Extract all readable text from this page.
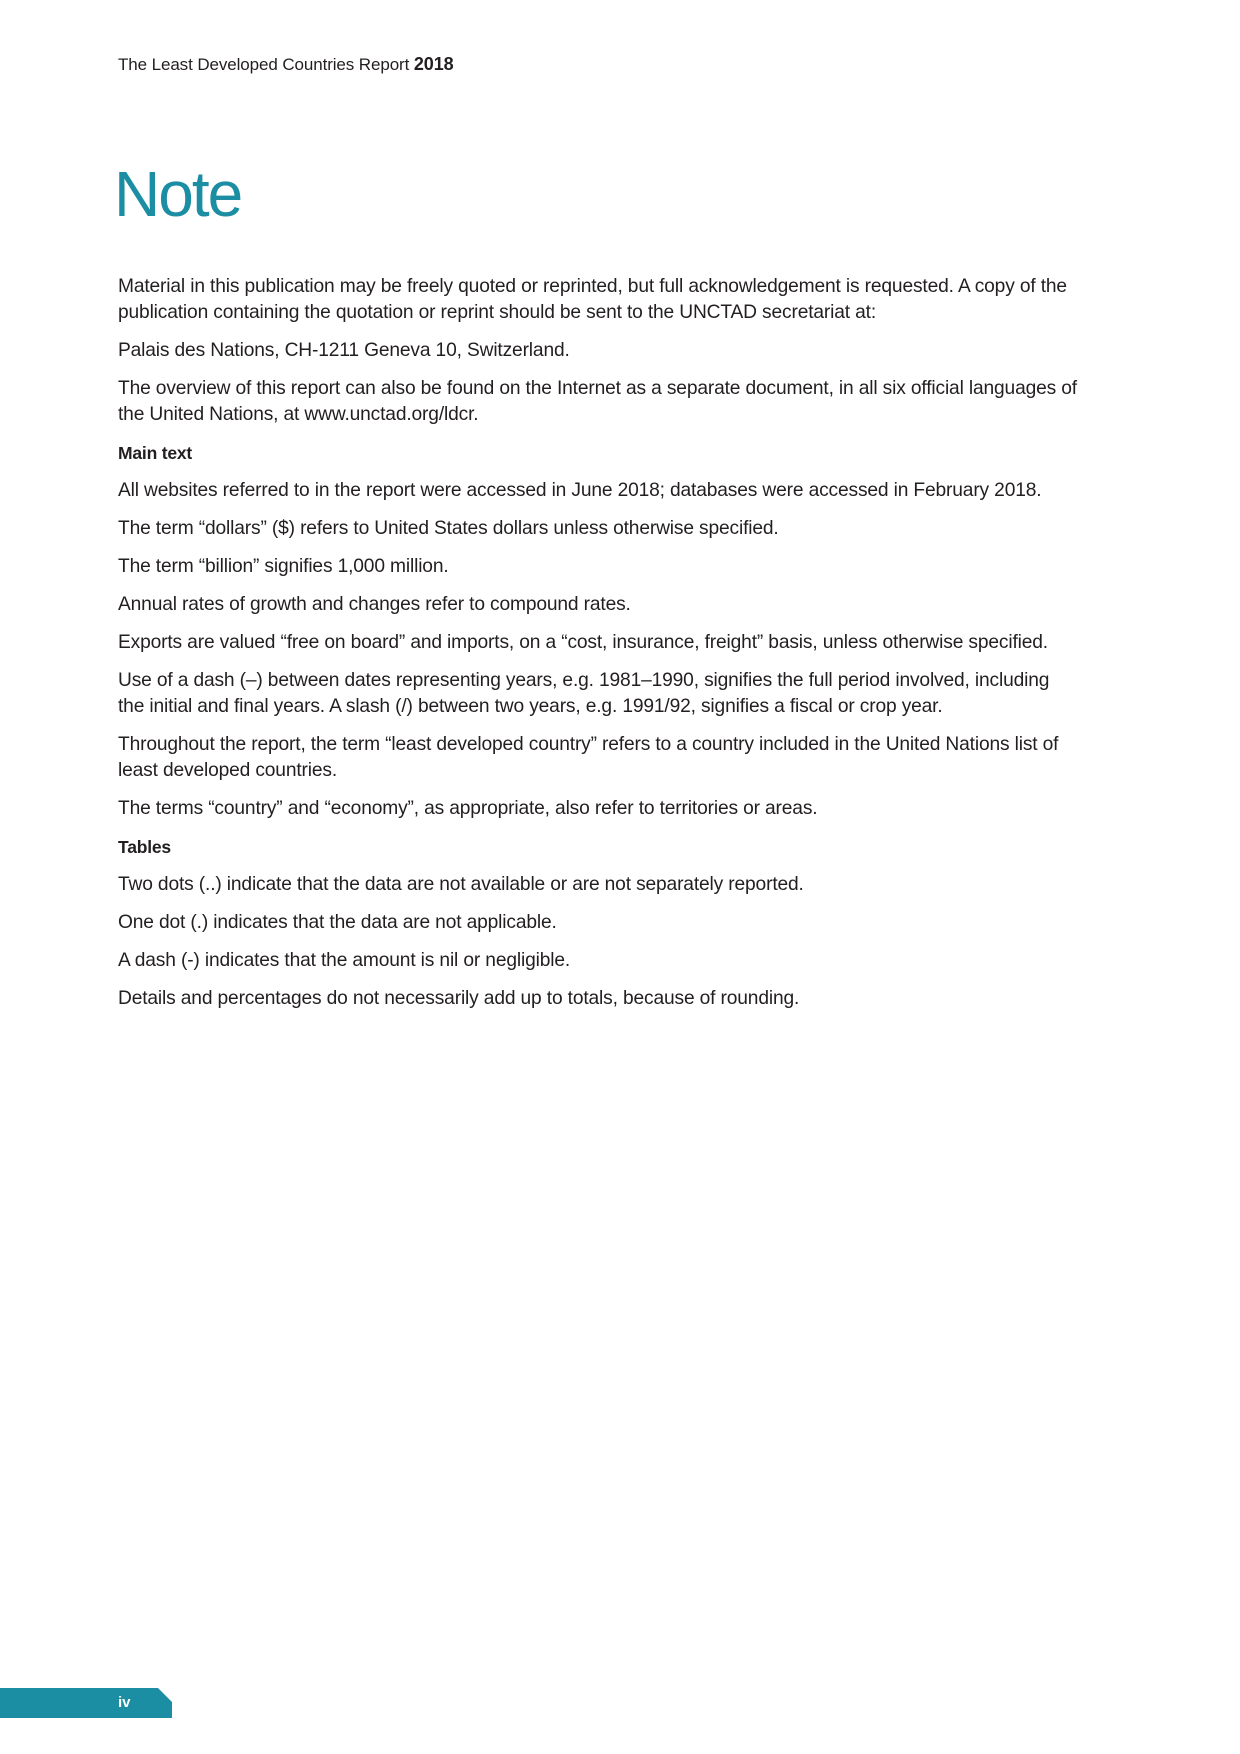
The Least Developed Countries Report 2018
Note

Material in this publication may be freely quoted or reprinted, but full acknowledgement is requested. A copy of the publication containing the quotation or reprint should be sent to the UNCTAD secretariat at:

Palais des Nations, CH-1211 Geneva 10, Switzerland.

The overview of this report can also be found on the Internet as a separate document, in all six official languages of the United Nations, at www.unctad.org/ldcr.

Main text

All websites referred to in the report were accessed in June 2018; databases were accessed in February 2018.

The term “dollars” ($) refers to United States dollars unless otherwise specified.

The term “billion” signifies 1,000 million.

Annual rates of growth and changes refer to compound rates.

Exports are valued “free on board” and imports, on a “cost, insurance, freight” basis, unless otherwise specified.

Use of a dash (–) between dates representing years, e.g. 1981–1990, signifies the full period involved, including the initial and final years. A slash (/) between two years, e.g. 1991/92, signifies a fiscal or crop year.

Throughout the report, the term “least developed country” refers to a country included in the United Nations list of least developed countries.

The terms “country” and “economy”, as appropriate, also refer to territories or areas.

Tables

Two dots (..) indicate that the data are not available or are not separately reported.

One dot (.) indicates that the data are not applicable.

A dash (-) indicates that the amount is nil or negligible.

Details and percentages do not necessarily add up to totals, because of rounding.

iv
